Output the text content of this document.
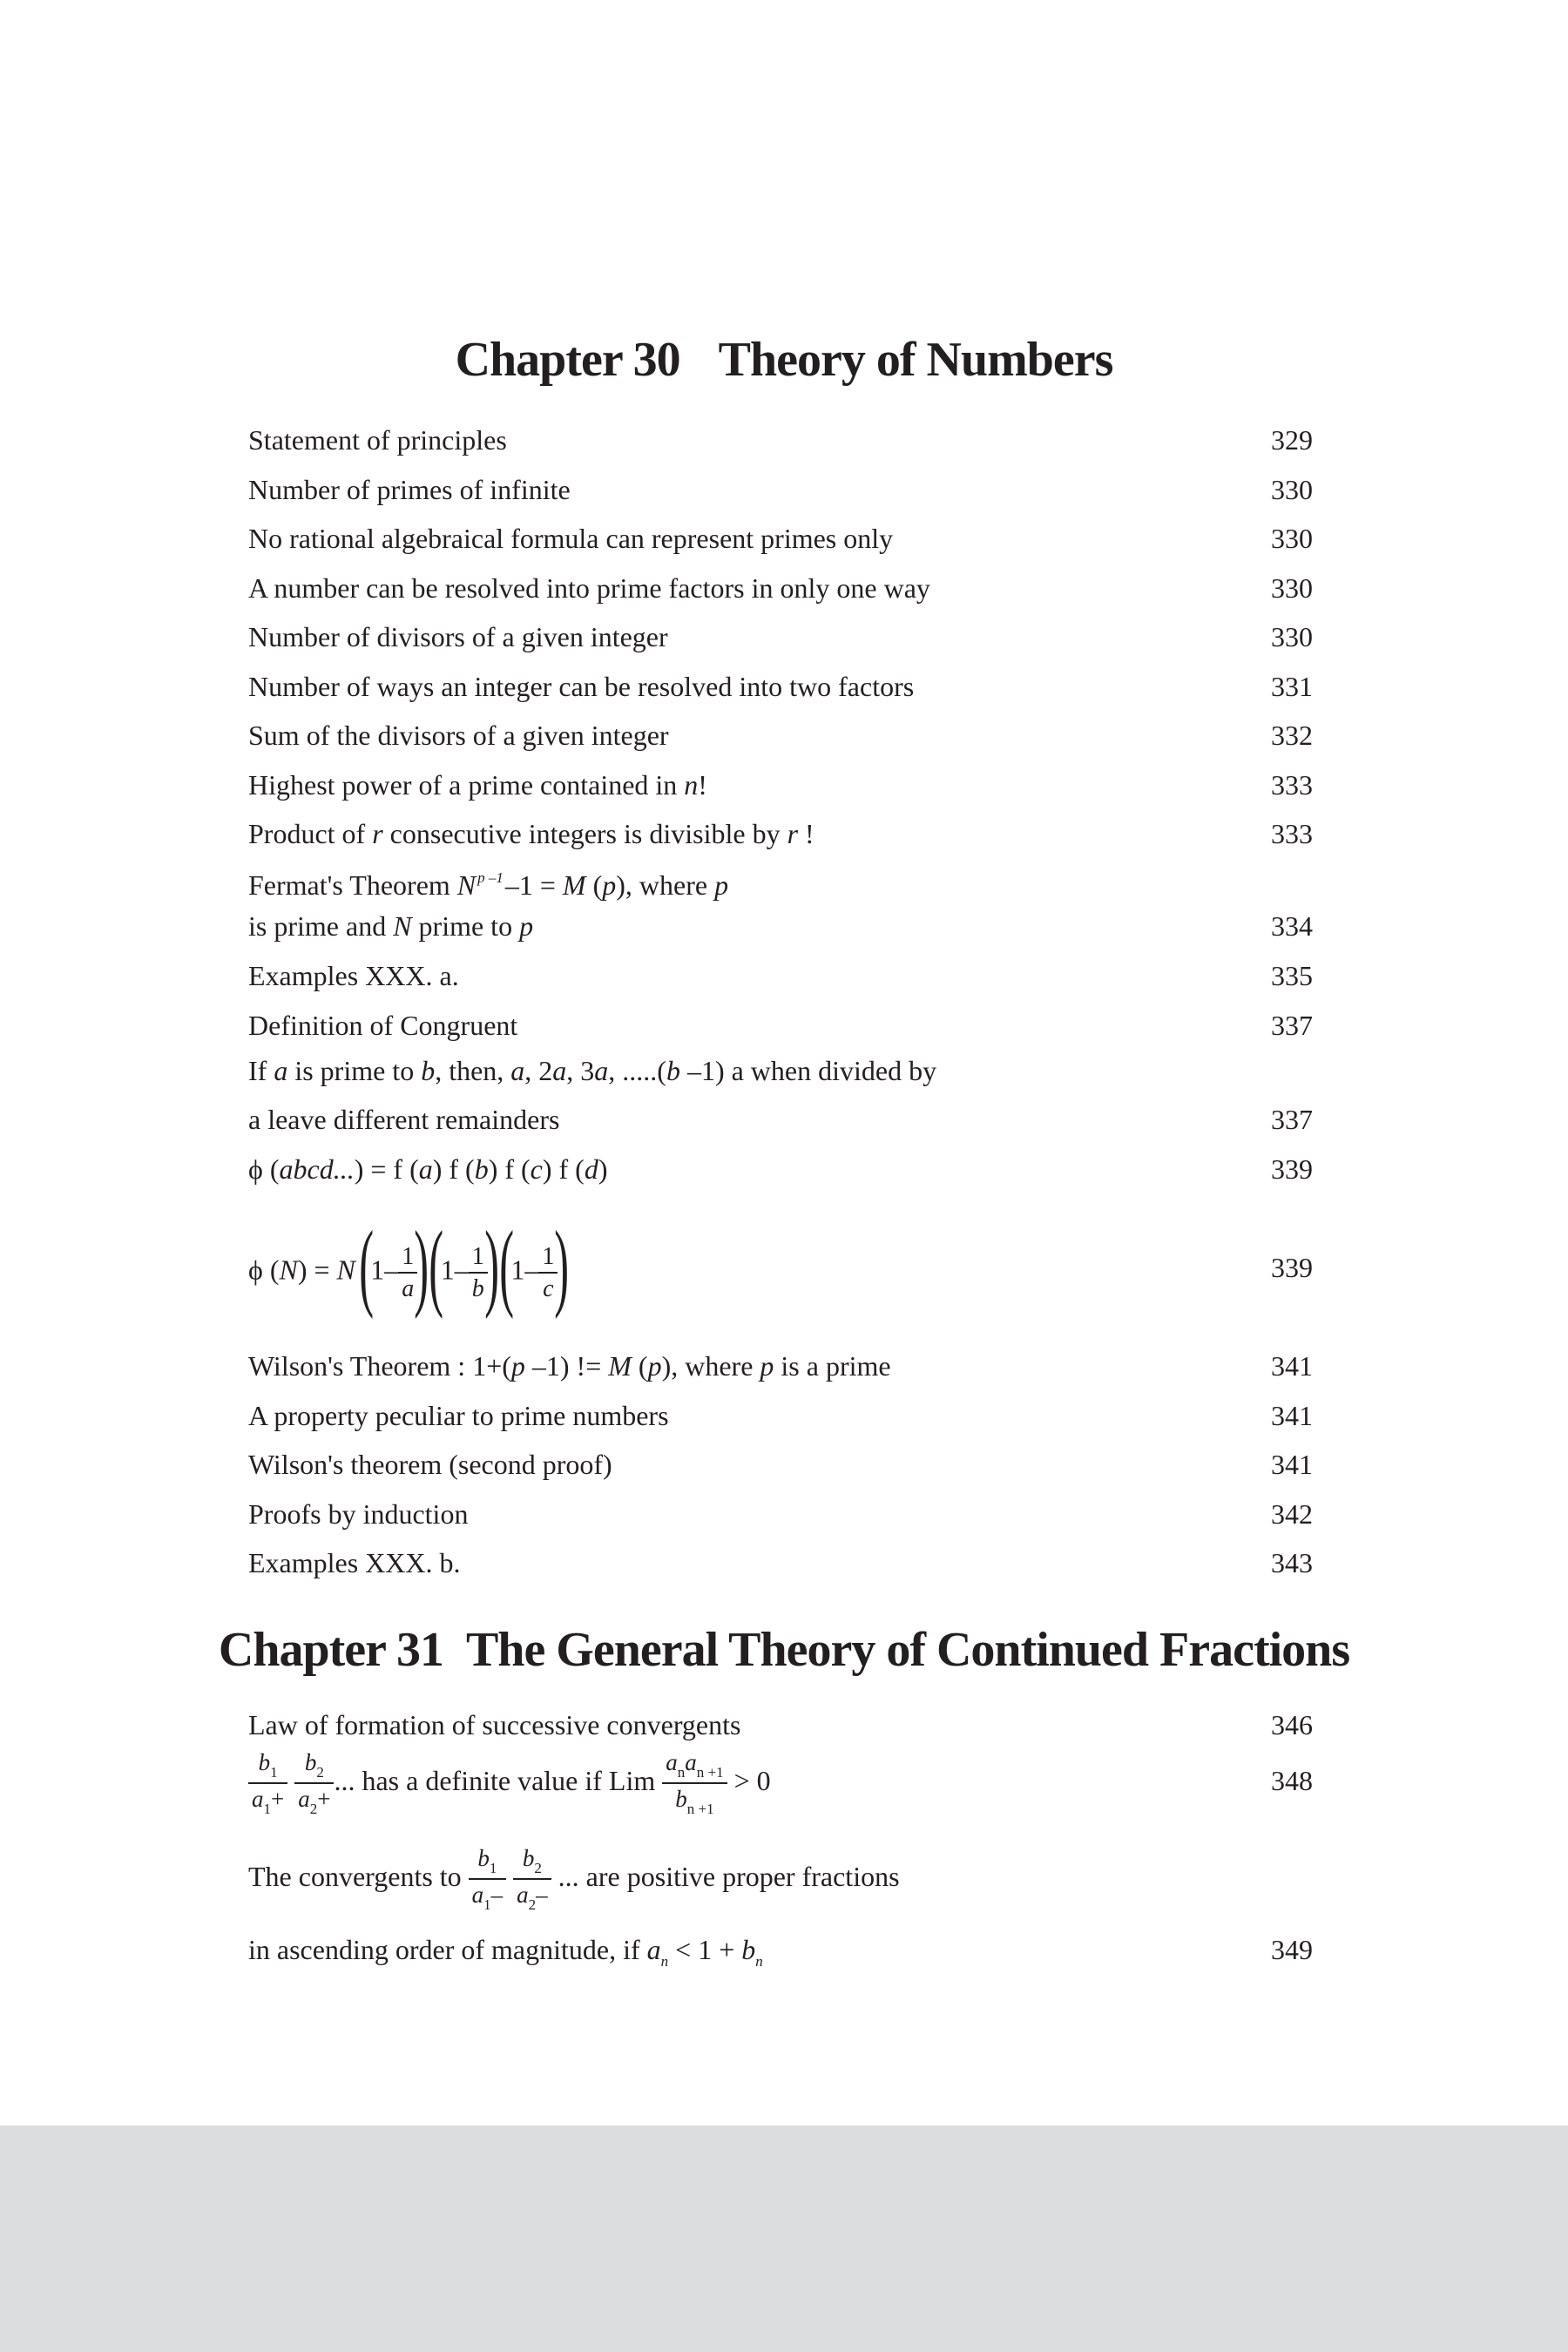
Chapter 30 Theory of Numbers
Statement of principles	329
Number of primes of infinite	330
No rational algebraical formula can represent primes only	330
A number can be resolved into prime factors in only one way	330
Number of divisors of a given integer	330
Number of ways an integer can be resolved into two factors	331
Sum of the divisors of a given integer	332
Highest power of a prime contained in n!	333
Product of r consecutive integers is divisible by r !	333
Fermat's Theorem N $^{p -1}$–1 = M (p), where p
is prime and N prime to p	334
Examples XXX. a.	335
Definition of Congruent	337
If a is prime to b, then, a, 2a, 3a, .....(b –1) a when divided by
a leave different remainders	337
ϕ (abcd...) = f (a) f (b) f (c) f (d)	339
ϕ (N) = N ($1- \frac{1}{a}$
) ($1- \frac{1}{b}$
) ($1- \frac{1}{c}$
)	339
Wilson's Theorem : 1+(p –1) != M (p), where p is a prime	341
A property peculiar to prime numbers	341
Wilson's theorem (second proof)	341
Proofs by induction	342
Examples XXX. b.	343
Chapter 31 The General Theory of Continued Fractions
Law of formation of successive convergents	346
$\frac{b_1}{a_1+}$
$\frac{b_2}{a_2+}$ ... has a definite value if Lim
$a_na_{n +1}$
$b_{n +1}$
> 0	348
The convergents to $\frac{b_1}{a_1-}$
$\frac{b_2}{a_2-}$ ... are positive proper fractions
in ascending order of magnitude, if $a_n < 1 + b_n$	349
